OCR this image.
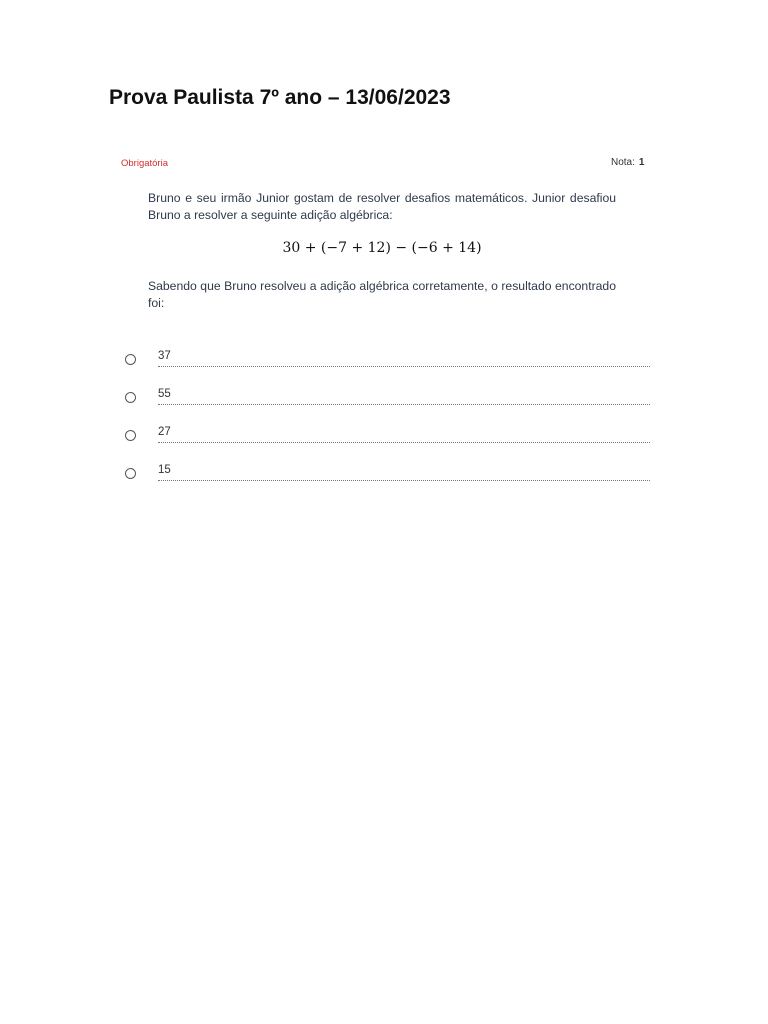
Prova Paulista 7º ano – 13/06/2023
Obrigatória	Nota: 1
Bruno e seu irmão Junior gostam de resolver desafios matemáticos. Junior desafiou Bruno a resolver a seguinte adição algébrica:
30 + (−7 + 12) − (−6 + 14)
Sabendo que Bruno resolveu a adição algébrica corretamente, o resultado encontrado foi:
37
55
27
15
